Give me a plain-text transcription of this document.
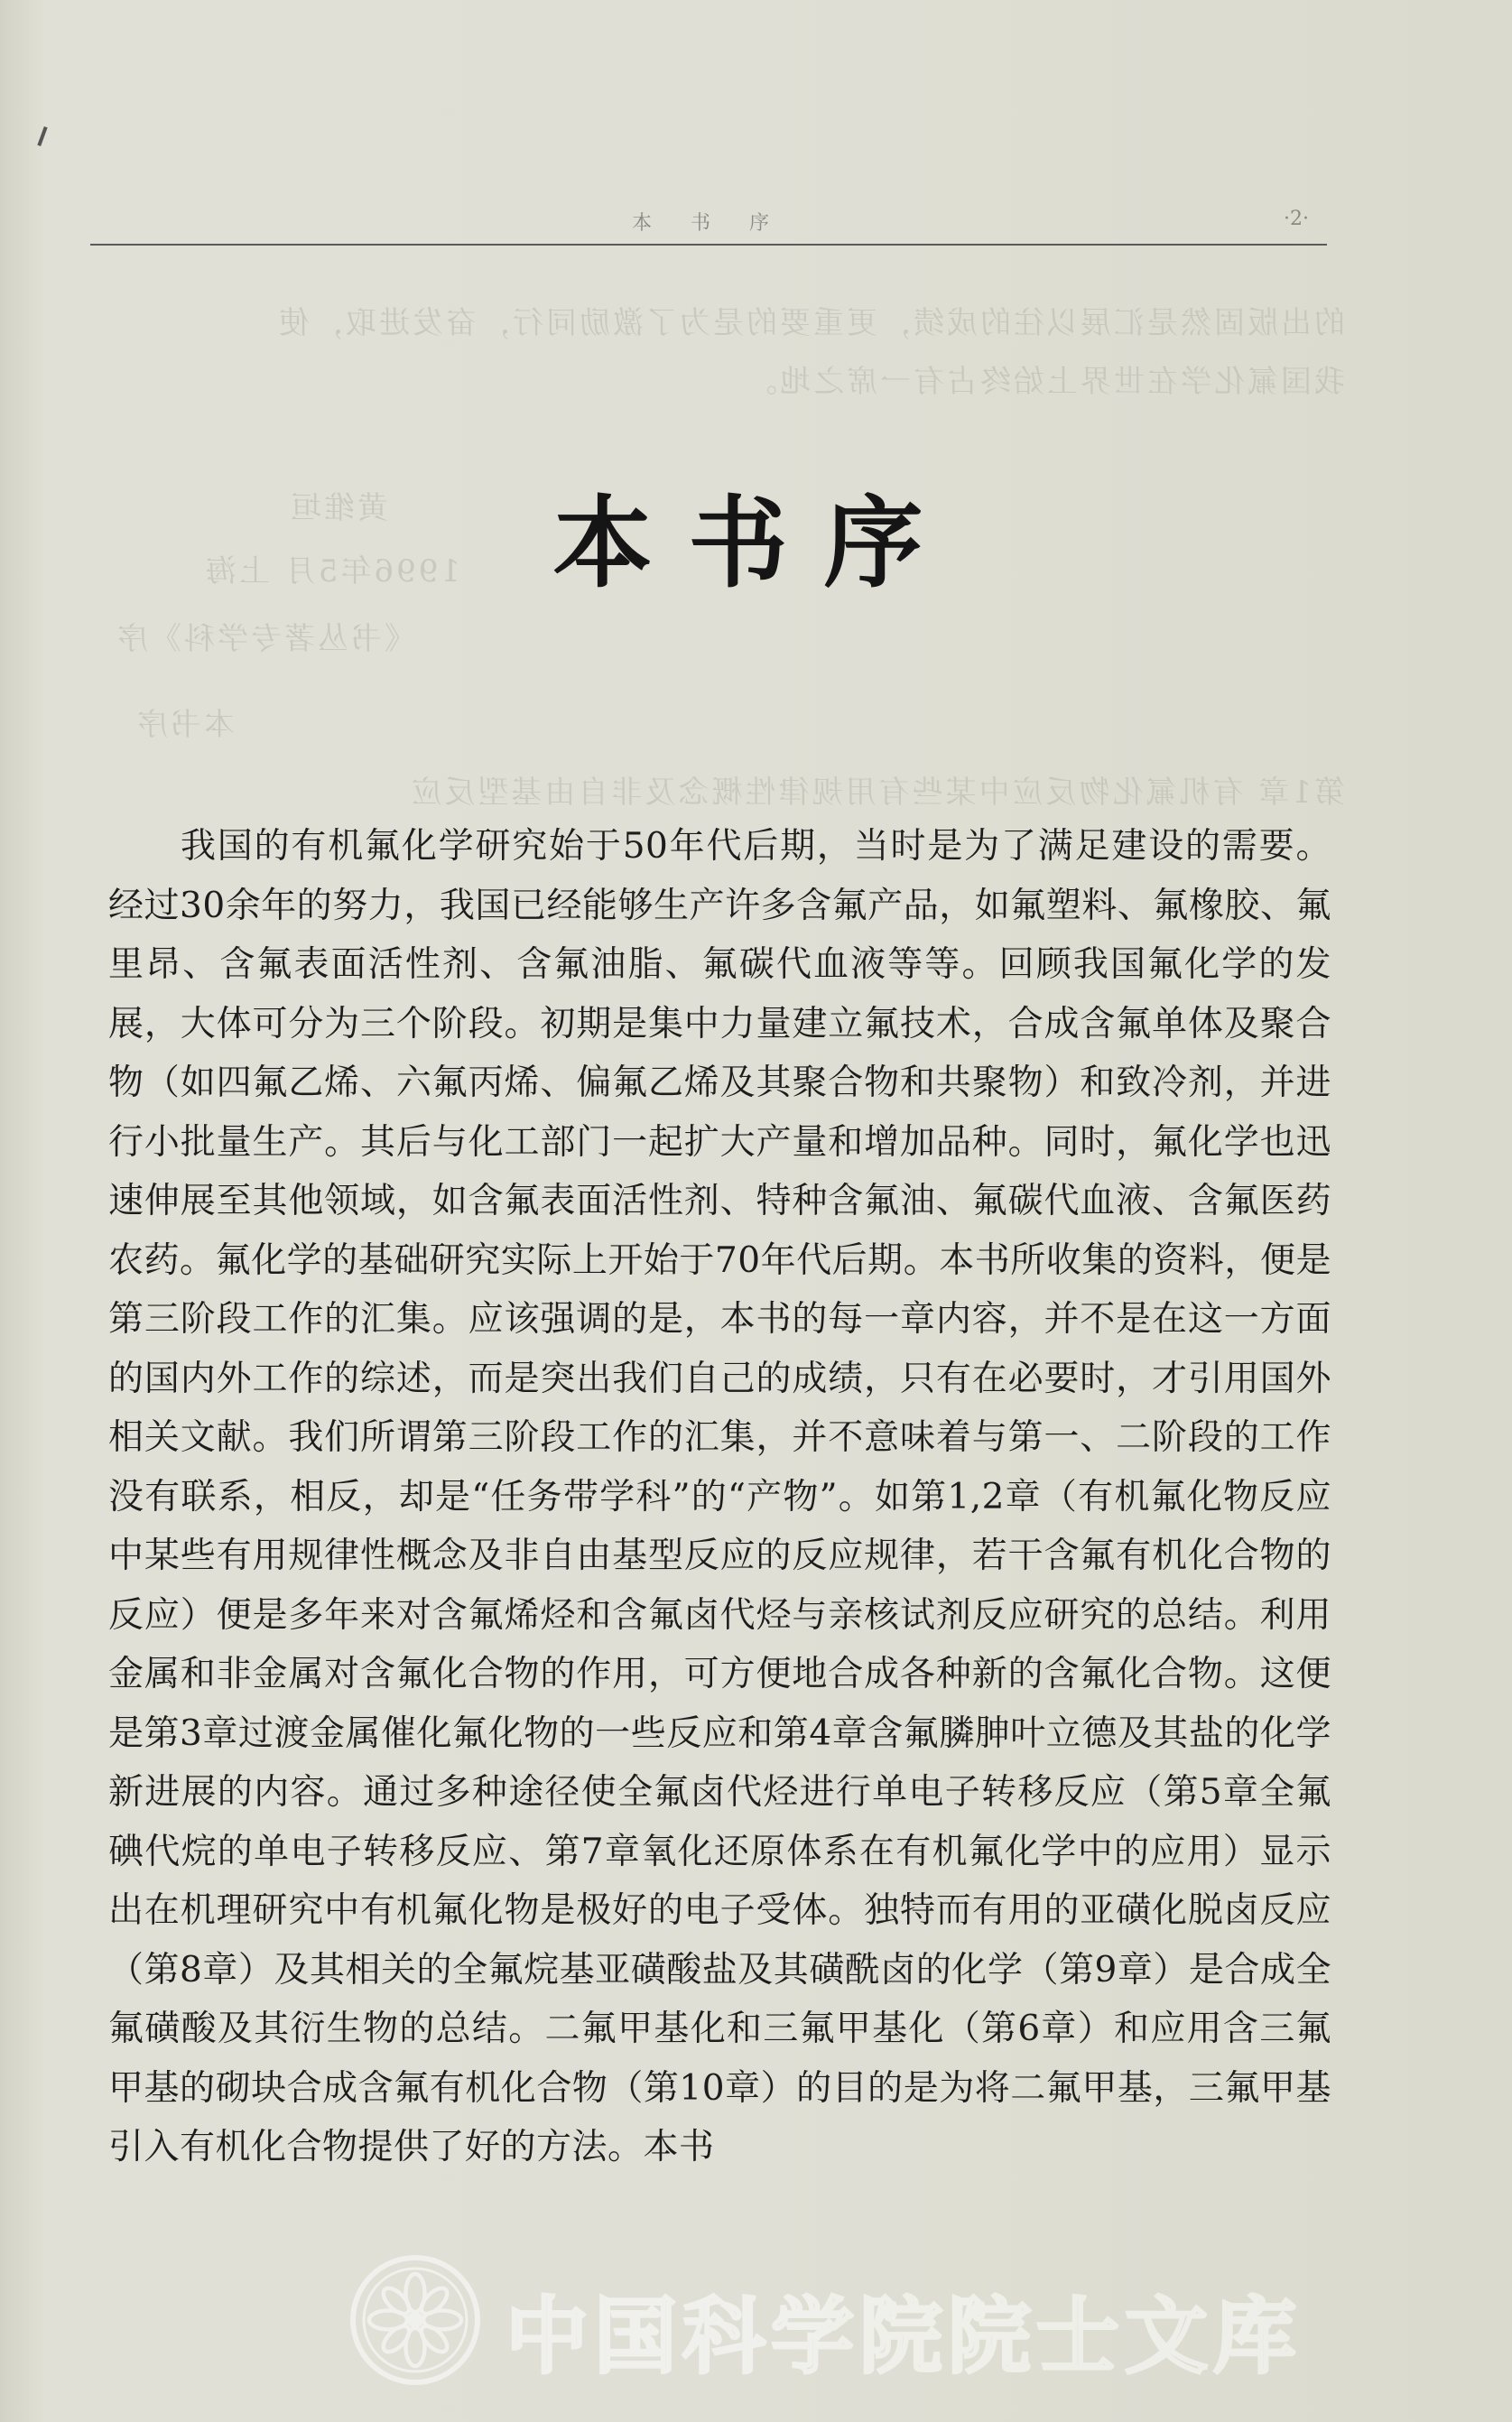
的出版固然是汇展以往的成绩，更重要的是为了激励同行，奋发进取，使
我国氟化学在世界上始终占有一席之地。
黄维垣
1996年5月 上海
《书丛著专学科》序
本书序
第1章 有机氟化物反应中某些有用规律性概念及非自由基型反应
本 书 序	·2·
本书序

我国的有机氟化学研究始于50年代后期，当时是为了满足建设的需要。经过30余年的努力，我国已经能够生产许多含氟产品，如氟塑料、氟橡胶、氟里昂、含氟表面活性剂、含氟油脂、氟碳代血液等等。回顾我国氟化学的发展，大体可分为三个阶段。初期是集中力量建立氟技术，合成含氟单体及聚合物（如四氟乙烯、六氟丙烯、偏氟乙烯及其聚合物和共聚物）和致冷剂，并进行小批量生产。其后与化工部门一起扩大产量和增加品种。同时，氟化学也迅速伸展至其他领域，如含氟表面活性剂、特种含氟油、氟碳代血液、含氟医药农药。氟化学的基础研究实际上开始于70年代后期。本书所收集的资料，便是第三阶段工作的汇集。应该强调的是，本书的每一章内容，并不是在这一方面的国内外工作的综述，而是突出我们自己的成绩，只有在必要时，才引用国外相关文献。我们所谓第三阶段工作的汇集，并不意味着与第一、二阶段的工作没有联系，相反，却是“任务带学科”的“产物”。如第1,2章（有机氟化物反应中某些有用规律性概念及非自由基型反应的反应规律，若干含氟有机化合物的反应）便是多年来对含氟烯烃和含氟卤代烃与亲核试剂反应研究的总结。利用金属和非金属对含氟化合物的作用，可方便地合成各种新的含氟化合物。这便是第3章过渡金属催化氟化物的一些反应和第4章含氟膦胂叶立德及其盐的化学新进展的内容。通过多种途径使全氟卤代烃进行单电子转移反应（第5章全氟碘代烷的单电子转移反应、第7章氧化还原体系在有机氟化学中的应用）显示出在机理研究中有机氟化物是极好的电子受体。独特而有用的亚磺化脱卤反应（第8章）及其相关的全氟烷基亚磺酸盐及其磺酰卤的化学（第9章）是合成全氟磺酸及其衍生物的总结。二氟甲基化和三氟甲基化（第6章）和应用含三氟甲基的砌块合成含氟有机化合物（第10章）的目的是为将二氟甲基，三氟甲基引入有机化合物提供了好的方法。本书

中国科学院院士文库
